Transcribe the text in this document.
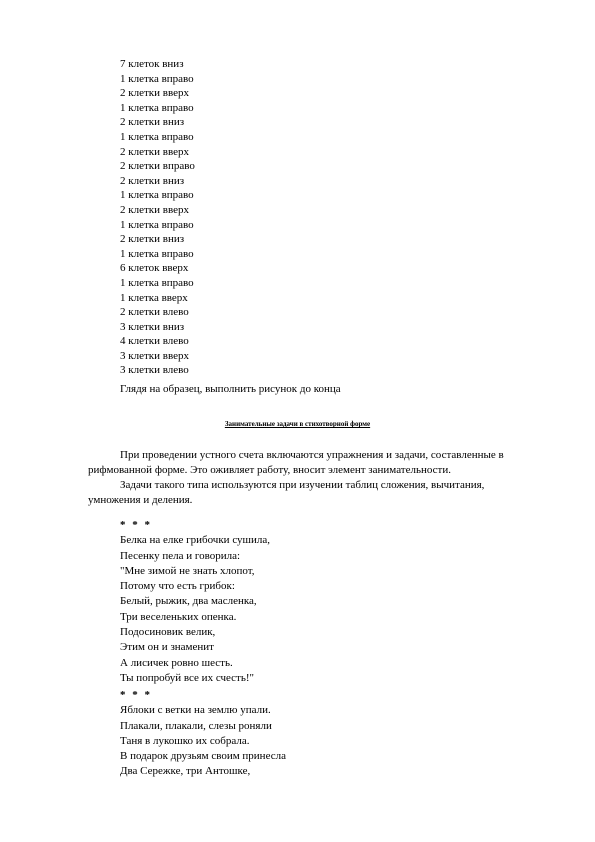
7 клеток вниз
1 клетка вправо
2 клетки вверх
1 клетка вправо
2 клетки вниз
1 клетка вправо
2 клетки вверх
2 клетки вправо
2 клетки вниз
1 клетка вправо
2 клетки вверх
1 клетка вправо
2 клетки вниз
1 клетка вправо
6 клеток вверх
1 клетка вправо
1 клетка вверх
2 клетки влево
3 клетки вниз
4 клетки влево
3 клетки вверх
3 клетки влево
Глядя на образец, выполнить рисунок до конца
Занимательные задачи в стихотворной форме
При проведении устного счета включаются упражнения и задачи, составленные в
рифмованной форме. Это оживляет работу, вносит элемент занимательности.
Задачи такого типа используются при изучении таблиц сложения, вычитания,
умножения и деления.
* * *
Белка на елке грибочки сушила,
Песенку пела и говорила:
"Мне зимой не знать хлопот,
Потому что есть грибок:
Белый, рыжик, два масленка,
Три веселеньких опенка.
Подосиновик велик,
Этим он и знаменит
А лисичек ровно шесть.
Ты попробуй все их счесть!"
* * *
Яблоки с ветки на землю упали.
Плакали, плакали, слезы роняли
Таня в лукошко их собрала.
В подарок друзьям своим принесла
Два Сережке, три Антошке,
